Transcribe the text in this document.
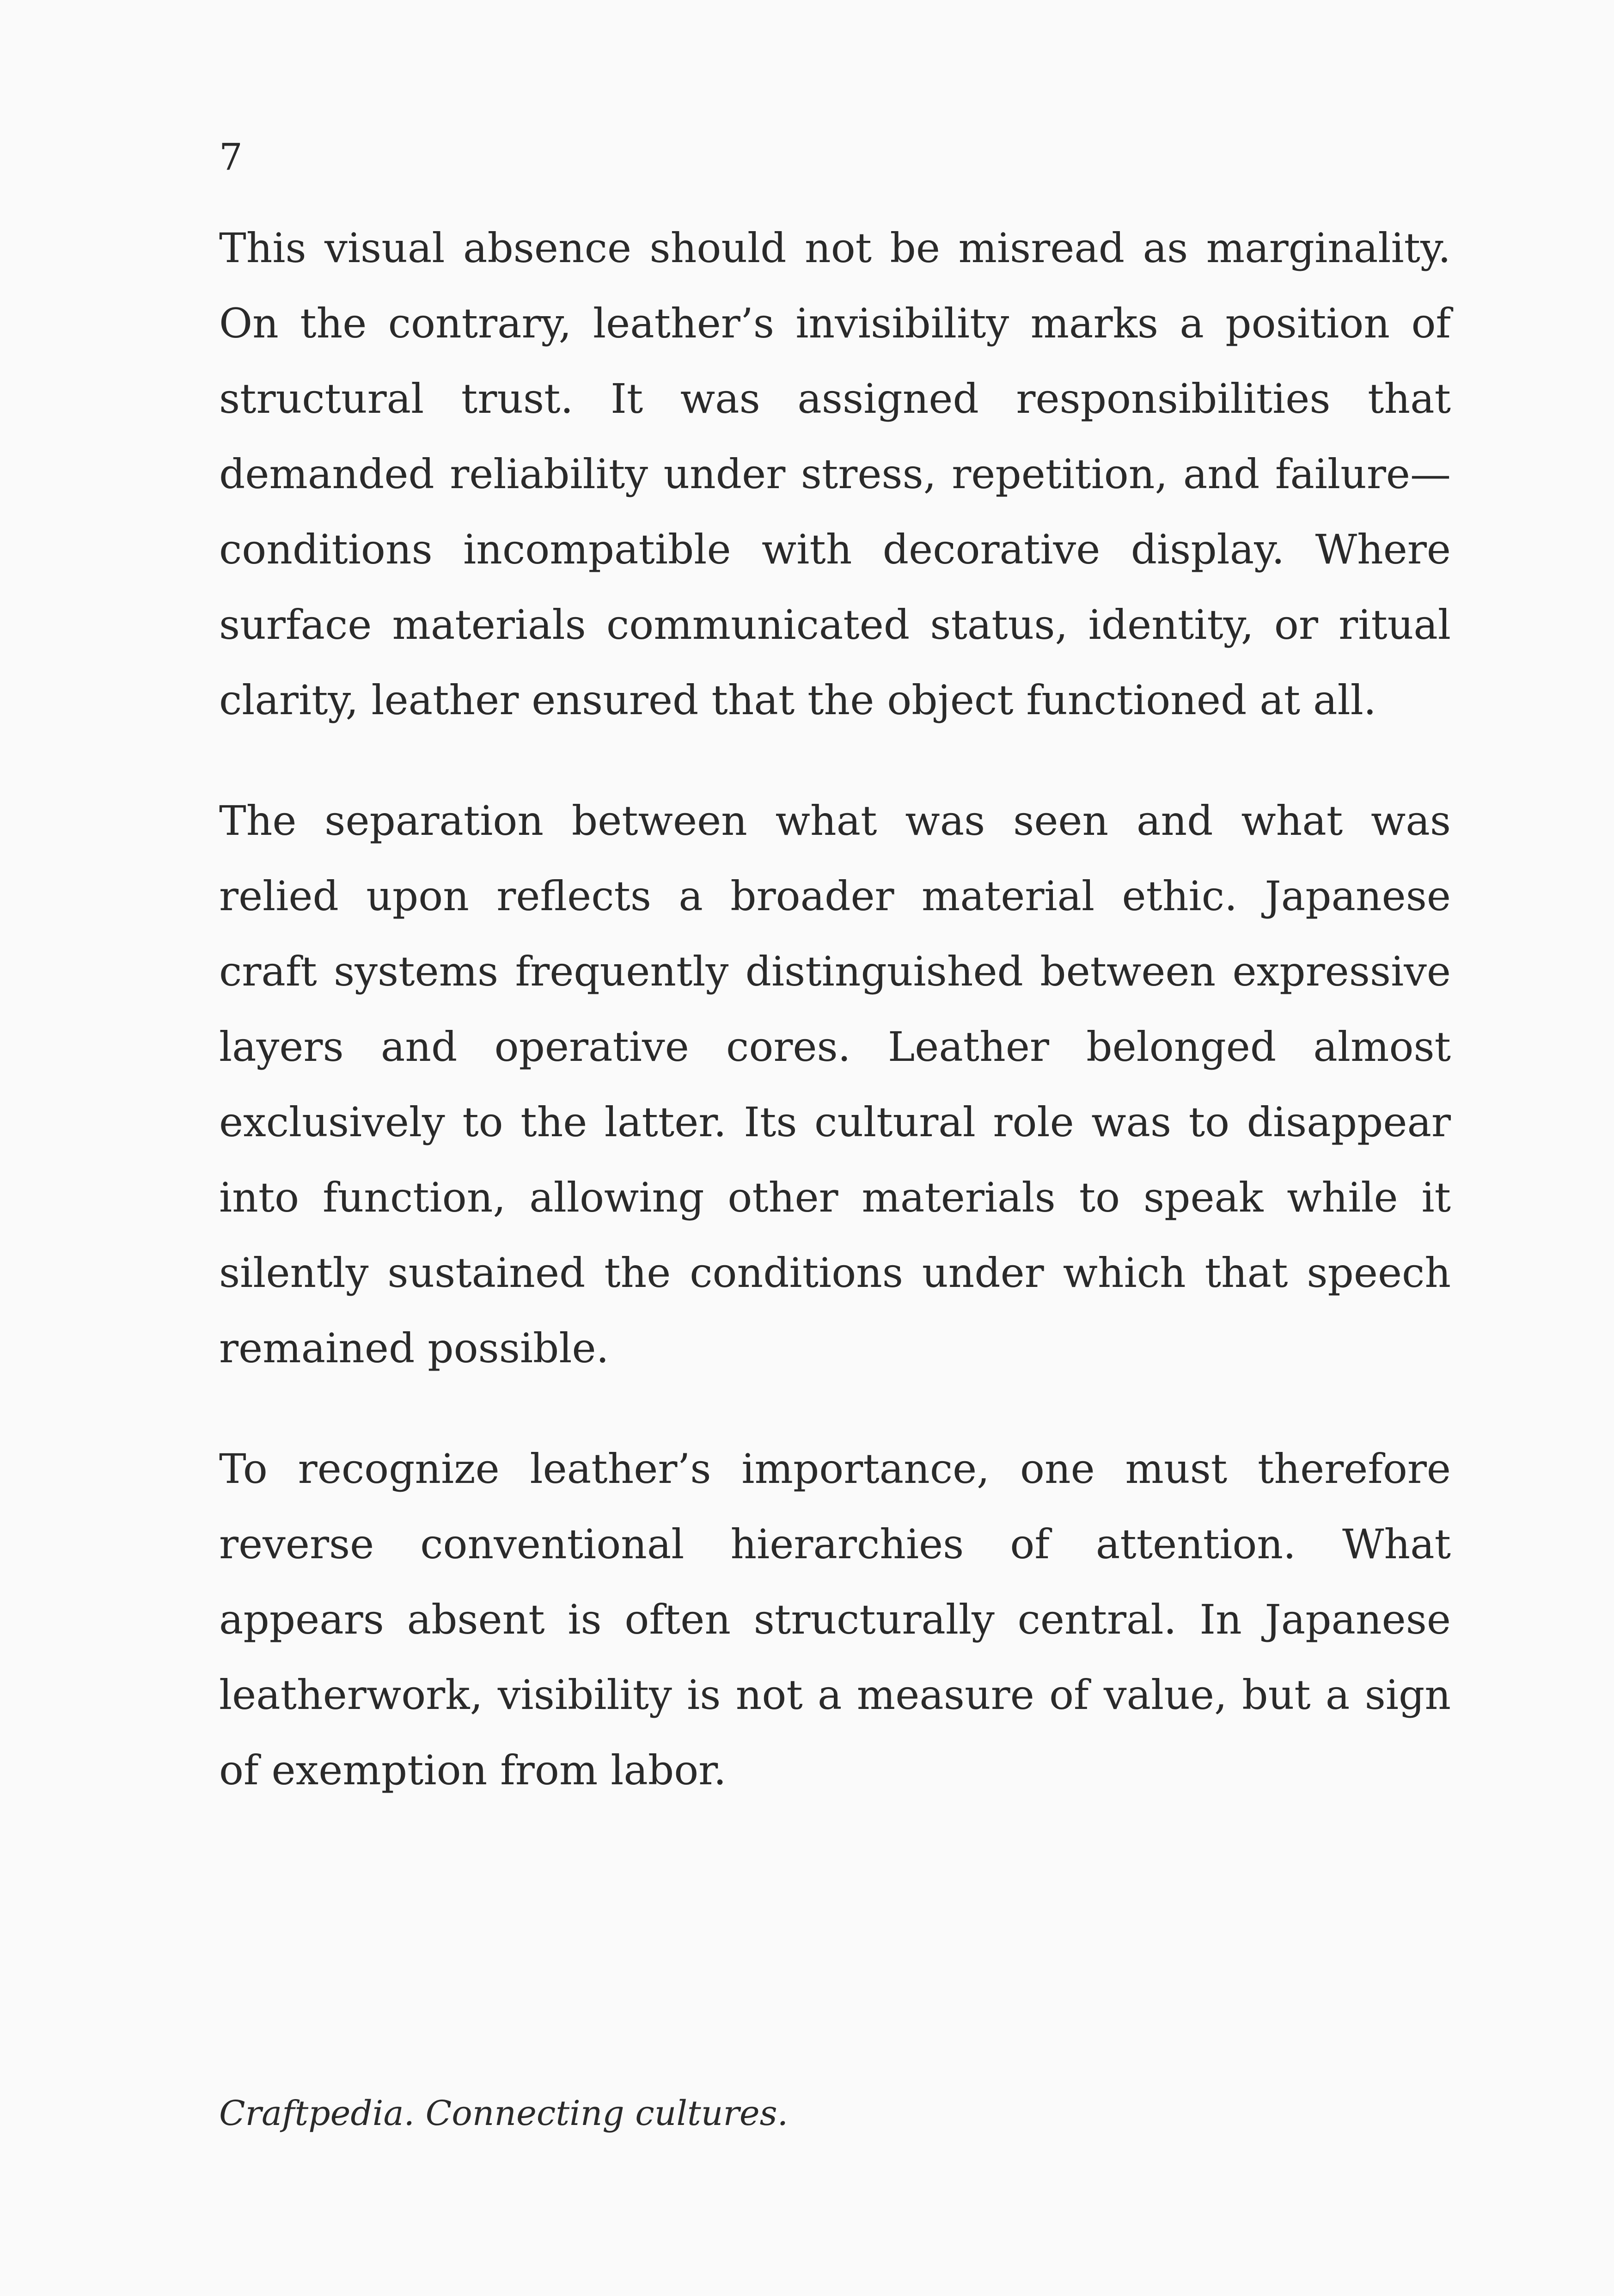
7

This visual absence should not be misread as marginality. On the contrary, leather’s invisibility marks a position of structural trust. It was assigned responsibilities that demanded reliability under stress, repetition, and failure—conditions incompatible with decorative display. Where surface materials communicated status, identity, or ritual clarity, leather ensured that the object functioned at all.

The separation between what was seen and what was relied upon reflects a broader material ethic. Japanese craft systems frequently distinguished between expressive layers and operative cores. Leather belonged almost exclusively to the latter. Its cultural role was to disappear into function, allowing other materials to speak while it silently sustained the conditions under which that speech remained possible.

To recognize leather’s importance, one must therefore reverse conventional hierarchies of attention. What appears absent is often structurally central. In Japanese leatherwork, visibility is not a measure of value, but a sign of exemption from labor.

Craftpedia. Connecting cultures.
